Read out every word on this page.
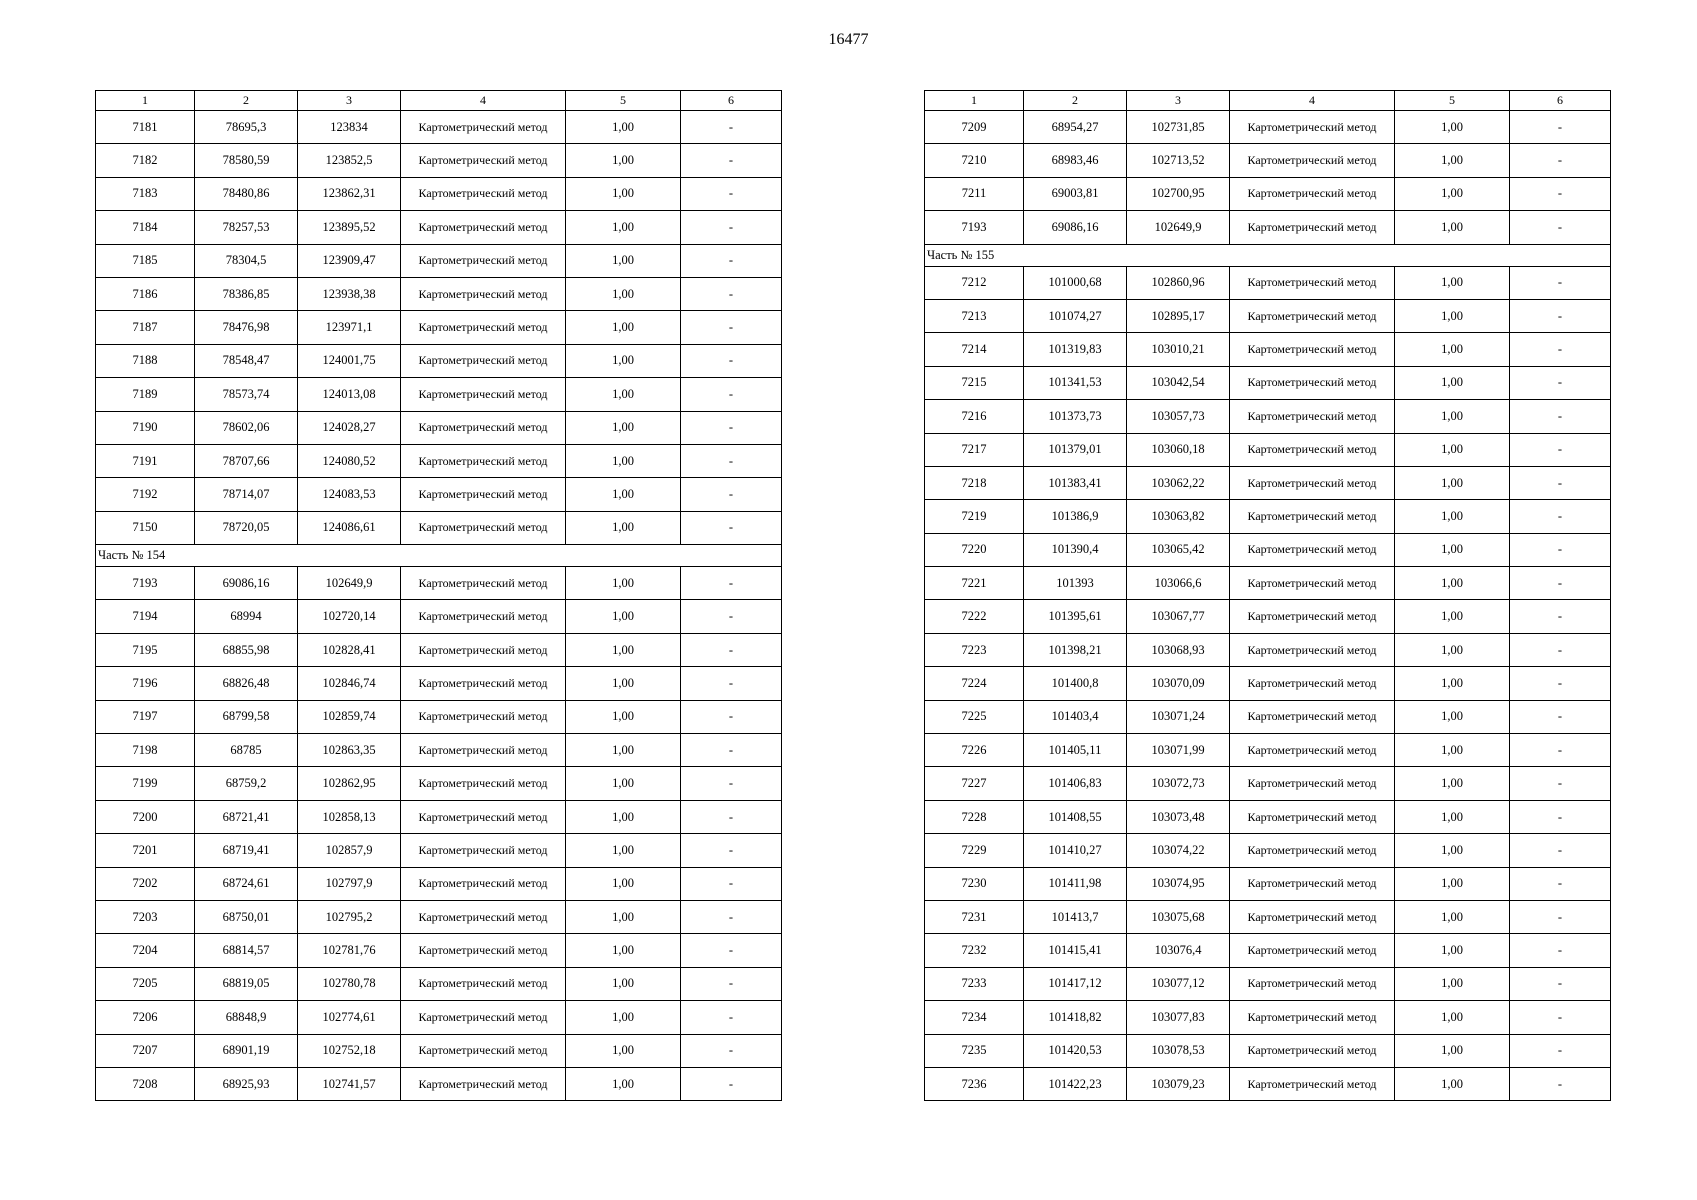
16477
1	2	3	4	5	6
7181	78695,3	123834	Картометрический метод	1,00	-
7182	78580,59	123852,5	Картометрический метод	1,00	-
7183	78480,86	123862,31	Картометрический метод	1,00	-
7184	78257,53	123895,52	Картометрический метод	1,00	-
7185	78304,5	123909,47	Картометрический метод	1,00	-
7186	78386,85	123938,38	Картометрический метод	1,00	-
7187	78476,98	123971,1	Картометрический метод	1,00	-
7188	78548,47	124001,75	Картометрический метод	1,00	-
7189	78573,74	124013,08	Картометрический метод	1,00	-
7190	78602,06	124028,27	Картометрический метод	1,00	-
7191	78707,66	124080,52	Картометрический метод	1,00	-
7192	78714,07	124083,53	Картометрический метод	1,00	-
7150	78720,05	124086,61	Картометрический метод	1,00	-
Часть № 154					
7193	69086,16	102649,9	Картометрический метод	1,00	-
7194	68994	102720,14	Картометрический метод	1,00	-
7195	68855,98	102828,41	Картометрический метод	1,00	-
7196	68826,48	102846,74	Картометрический метод	1,00	-
7197	68799,58	102859,74	Картометрический метод	1,00	-
7198	68785	102863,35	Картометрический метод	1,00	-
7199	68759,2	102862,95	Картометрический метод	1,00	-
7200	68721,41	102858,13	Картометрический метод	1,00	-
7201	68719,41	102857,9	Картометрический метод	1,00	-
7202	68724,61	102797,9	Картометрический метод	1,00	-
7203	68750,01	102795,2	Картометрический метод	1,00	-
7204	68814,57	102781,76	Картометрический метод	1,00	-
7205	68819,05	102780,78	Картометрический метод	1,00	-
7206	68848,9	102774,61	Картометрический метод	1,00	-
7207	68901,19	102752,18	Картометрический метод	1,00	-
7208	68925,93	102741,57	Картометрический метод	1,00	-
1	2	3	4	5	6
7209	68954,27	102731,85	Картометрический метод	1,00	-
7210	68983,46	102713,52	Картометрический метод	1,00	-
7211	69003,81	102700,95	Картометрический метод	1,00	-
7193	69086,16	102649,9	Картометрический метод	1,00	-
Часть № 155					
7212	101000,68	102860,96	Картометрический метод	1,00	-
7213	101074,27	102895,17	Картометрический метод	1,00	-
7214	101319,83	103010,21	Картометрический метод	1,00	-
7215	101341,53	103042,54	Картометрический метод	1,00	-
7216	101373,73	103057,73	Картометрический метод	1,00	-
7217	101379,01	103060,18	Картометрический метод	1,00	-
7218	101383,41	103062,22	Картометрический метод	1,00	-
7219	101386,9	103063,82	Картометрический метод	1,00	-
7220	101390,4	103065,42	Картометрический метод	1,00	-
7221	101393	103066,6	Картометрический метод	1,00	-
7222	101395,61	103067,77	Картометрический метод	1,00	-
7223	101398,21	103068,93	Картометрический метод	1,00	-
7224	101400,8	103070,09	Картометрический метод	1,00	-
7225	101403,4	103071,24	Картометрический метод	1,00	-
7226	101405,11	103071,99	Картометрический метод	1,00	-
7227	101406,83	103072,73	Картометрический метод	1,00	-
7228	101408,55	103073,48	Картометрический метод	1,00	-
7229	101410,27	103074,22	Картометрический метод	1,00	-
7230	101411,98	103074,95	Картометрический метод	1,00	-
7231	101413,7	103075,68	Картометрический метод	1,00	-
7232	101415,41	103076,4	Картометрический метод	1,00	-
7233	101417,12	103077,12	Картометрический метод	1,00	-
7234	101418,82	103077,83	Картометрический метод	1,00	-
7235	101420,53	103078,53	Картометрический метод	1,00	-
7236	101422,23	103079,23	Картометрический метод	1,00	-
